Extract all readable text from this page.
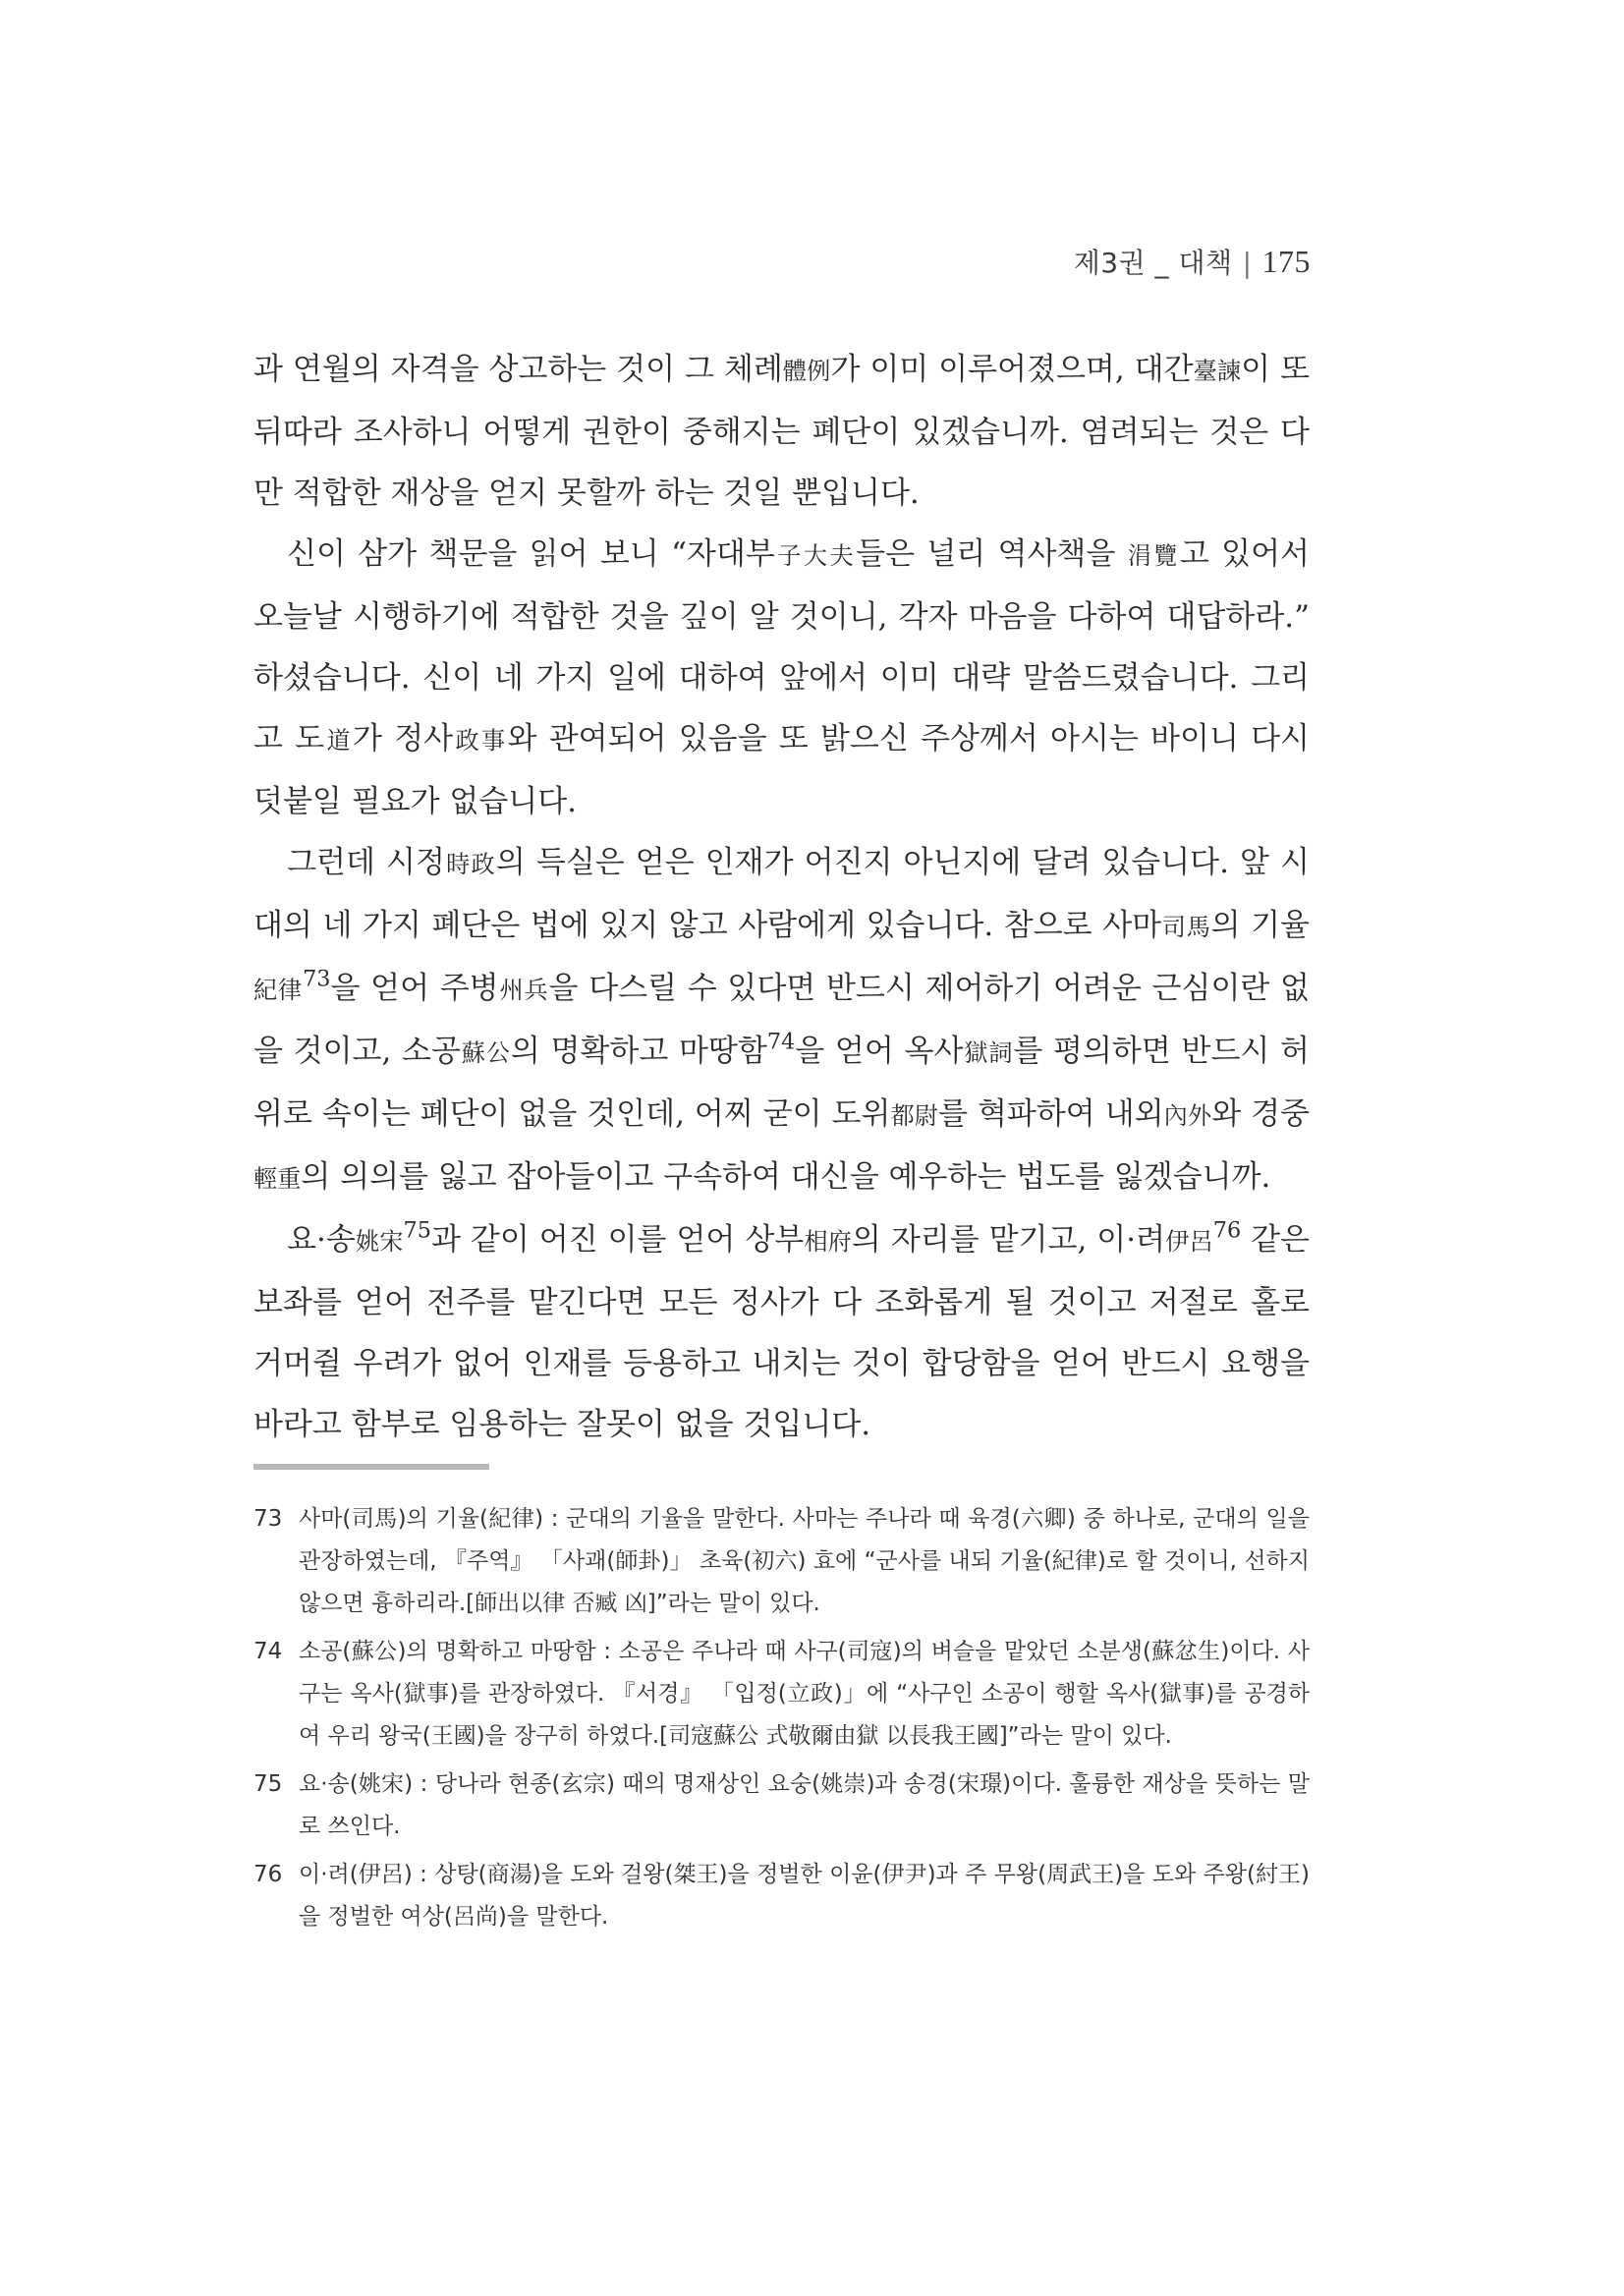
제3권 _ 대책 | 175

과 연월의 자격을 상고하는 것이 그 체례體例가 이미 이루어졌으며, 대간臺諫이 또 뒤따라 조사하니 어떻게 권한이 중해지는 폐단이 있겠습니까. 염려되는 것은 다만 적합한 재상을 얻지 못할까 하는 것일 뿐입니다.

신이 삼가 책문을 읽어 보니 “자대부子大夫들은 널리 역사책을 涓覽고 있어서 오늘날 시행하기에 적합한 것을 깊이 알 것이니, 각자 마음을 다하여 대답하라.” 하셨습니다. 신이 네 가지 일에 대하여 앞에서 이미 대략 말씀드렸습니다. 그리고 도道가 정사政事와 관여되어 있음을 또 밝으신 주상께서 아시는 바이니 다시 덧붙일 필요가 없습니다.

그런데 시정時政의 득실은 얻은 인재가 어진지 아닌지에 달려 있습니다. 앞 시대의 네 가지 폐단은 법에 있지 않고 사람에게 있습니다. 참으로 사마司馬의 기율紀律$^{73}$을 얻어 주병州兵을 다스릴 수 있다면 반드시 제어하기 어려운 근심이란 없을 것이고, 소공蘇公의 명확하고 마땅함$^{74}$을 얻어 옥사獄詞를 평의하면 반드시 허위로 속이는 폐단이 없을 것인데, 어찌 굳이 도위都尉를 혁파하여 내외內外와 경중輕重의 의의를 잃고 잡아들이고 구속하여 대신을 예우하는 법도를 잃겠습니까.

요·송姚宋$^{75}$과 같이 어진 이를 얻어 상부相府의 자리를 맡기고, 이·려伊呂$^{76}$ 같은 보좌를 얻어 전주를 맡긴다면 모든 정사가 다 조화롭게 될 것이고 저절로 홀로 거머쥘 우려가 없어 인재를 등용하고 내치는 것이 합당함을 얻어 반드시 요행을 바라고 함부로 임용하는 잘못이 없을 것입니다.

73 사마(司馬)의 기율(紀律) : 군대의 기율을 말한다. 사마는 주나라 때 육경(六卿) 중 하나로, 군대의 일을 관장하였는데, 『주역』 「사괘(師卦)」 초육(初六) 효에 “군사를 내되 기율(紀律)로 할 것이니, 선하지 않으면 흉하리라.[師出以律 否臧 凶]”라는 말이 있다.
74 소공(蘇公)의 명확하고 마땅함 : 소공은 주나라 때 사구(司寇)의 벼슬을 맡았던 소분생(蘇忿生)이다. 사구는 옥사(獄事)를 관장하였다. 『서경』 「입정(立政)」에 “사구인 소공이 행할 옥사(獄事)를 공경하여 우리 왕국(王國)을 장구히 하였다.[司寇蘇公 式敬爾由獄 以長我王國]”라는 말이 있다.
75 요·송(姚宋) : 당나라 현종(玄宗) 때의 명재상인 요숭(姚崇)과 송경(宋璟)이다. 훌륭한 재상을 뜻하는 말로 쓰인다.
76 이·려(伊呂) : 상탕(商湯)을 도와 걸왕(桀王)을 정벌한 이윤(伊尹)과 주 무왕(周武王)을 도와 주왕(紂王)을 정벌한 여상(呂尚)을 말한다.
